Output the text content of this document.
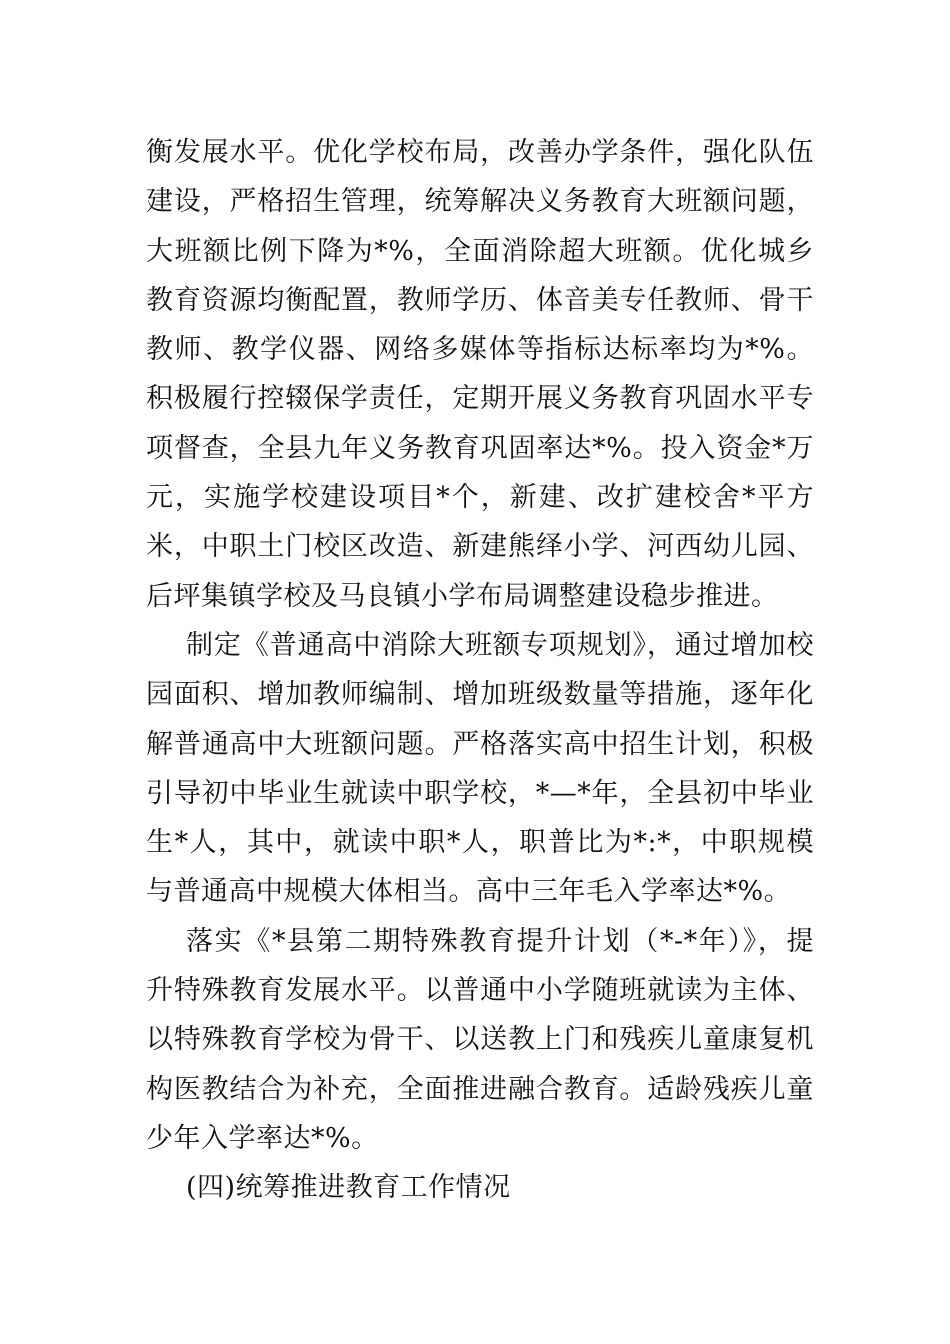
衡发展水平。优化学校布局，改善办学条件，强化队伍建设，严格招生管理，统筹解决义务教育大班额问题，大班额比例下降为*%，全面消除超大班额。优化城乡教育资源均衡配置，教师学历、体音美专任教师、骨干教师、教学仪器、网络多媒体等指标达标率均为*%。积极履行控辍保学责任，定期开展义务教育巩固水平专项督查，全县九年义务教育巩固率达*%。投入资金*万元，实施学校建设项目*个，新建、改扩建校舍*平方米，中职土门校区改造、新建熊绎小学、河西幼儿园、后坪集镇学校及马良镇小学布局调整建设稳步推进。

制定《普通高中消除大班额专项规划》，通过增加校园面积、增加教师编制、增加班级数量等措施，逐年化解普通高中大班额问题。严格落实高中招生计划，积极引导初中毕业生就读中职学校，*—*年，全县初中毕业生*人，其中，就读中职*人，职普比为*:*，中职规模与普通高中规模大体相当。高中三年毛入学率达*%。

落实《*县第二期特殊教育提升计划（*-*年）》，提升特殊教育发展水平。以普通中小学随班就读为主体、以特殊教育学校为骨干、以送教上门和残疾儿童康复机构医教结合为补充，全面推进融合教育。适龄残疾儿童少年入学率达*%。

(四)统筹推进教育工作情况
